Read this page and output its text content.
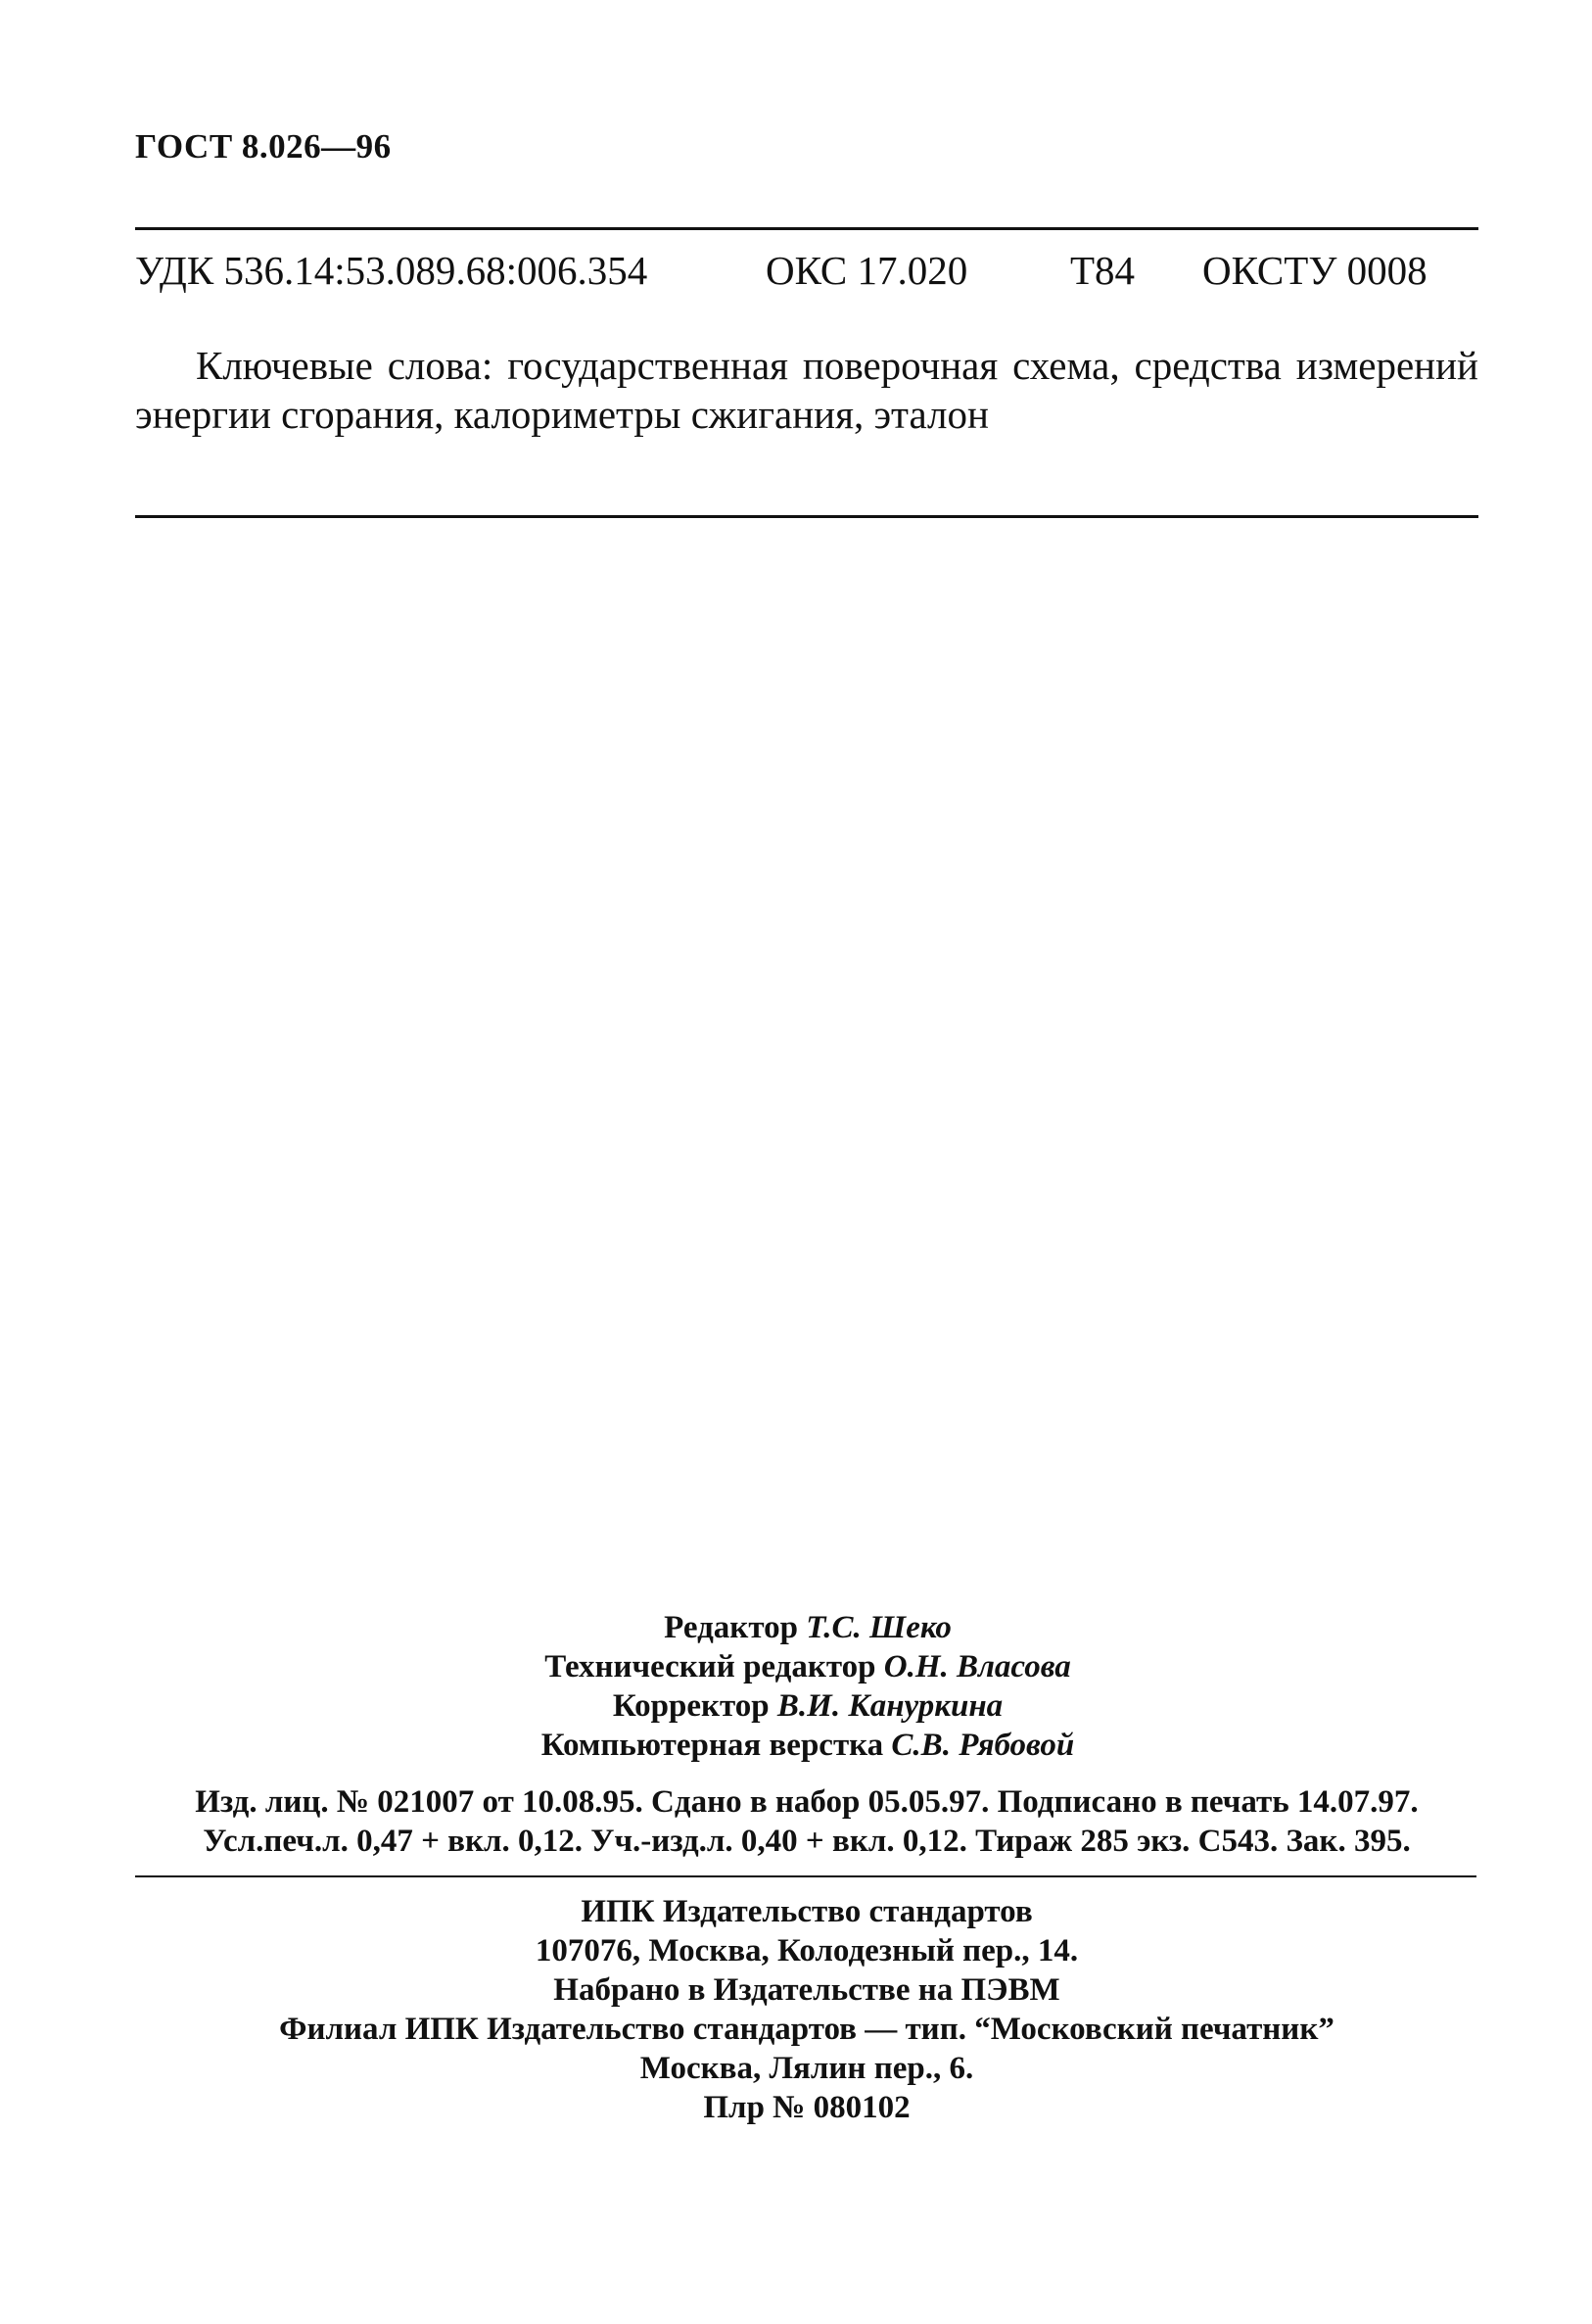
ГОСТ 8.026—96
УДК 536.14:53.089.68:006.354	ОКС 17.020	Т84 ОКСТУ 0008
Ключевые слова: государственная поверочная схема, средства измерений энергии сгорания, калориметры сжигания, эталон
Редактор Т.С. Шеко
Технический редактор О.Н. Власова
Корректор В.И. Кануркина
Компьютерная верстка С.В. Рябовой
Изд. лиц. № 021007 от 10.08.95. Сдано в набор 05.05.97. Подписано в печать 14.07.97.
Усл.печ.л. 0,47 + вкл. 0,12. Уч.-изд.л. 0,40 + вкл. 0,12. Тираж 285 экз. С543. Зак. 395.
ИПК Издательство стандартов
107076, Москва, Колодезный пер., 14.
Набрано в Издательстве на ПЭВМ
Филиал ИПК Издательство стандартов — тип. “Московский печатник”
Москва, Лялин пер., 6.
Плр № 080102
